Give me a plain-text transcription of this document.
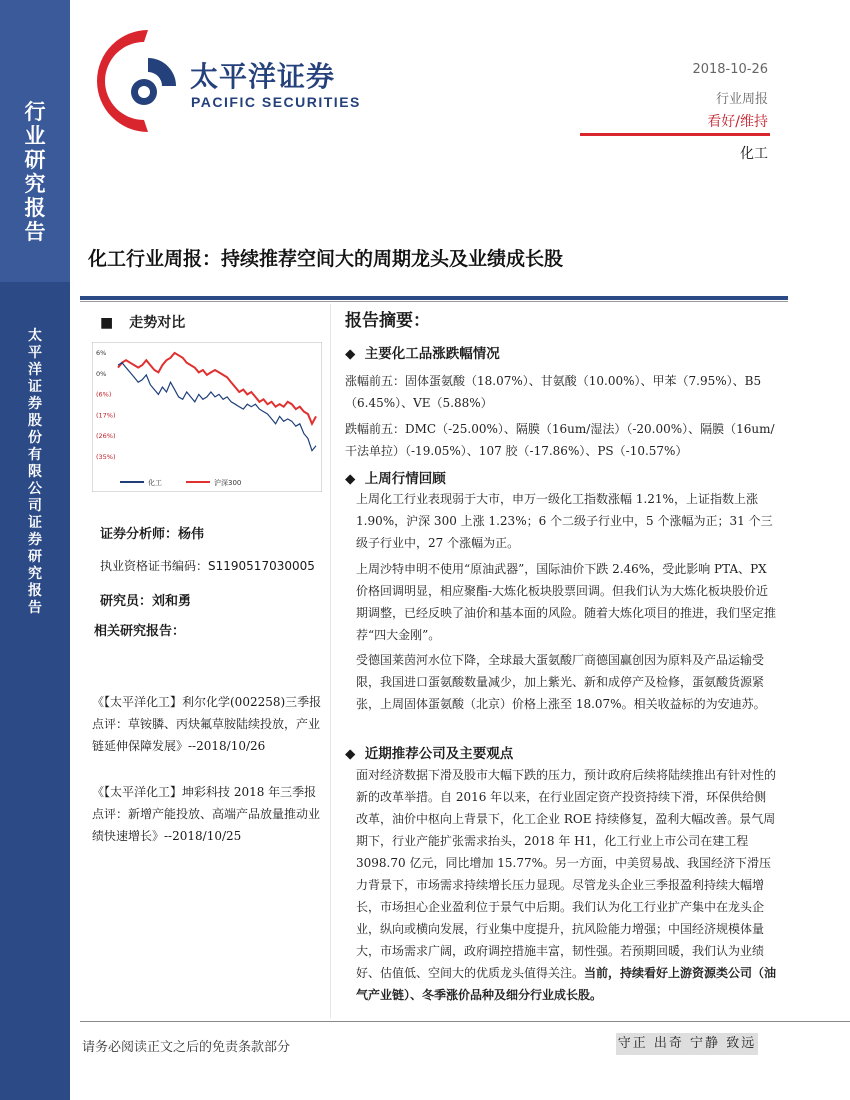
行
业
研
究
报
告
太
平
洋
证
券
股
份
有
限
公
司
证
券
研
究
报
告
太平洋证券
PACIFIC SECURITIES
2018-10-26
行业周报
看好/维持
化工
化工行业周报：持续推荐空间大的周期龙头及业绩成长股
■ 走势对比
6%
0%
(6%)
(17%)
(26%)
(35%)
化工	沪深300
证券分析师：杨伟
执业资格证书编码：S1190517030005
研究员：刘和勇
相关研究报告：
《【太平洋化工】利尔化学(002258)三季报点评：草铵膦、丙炔氟草胺陆续投放，产业链延伸保障发展》--2018/10/26
《【太平洋化工】坤彩科技 2018 年三季报点评：新增产能投放、高端产品放量推动业绩快速增长》--2018/10/25
报告摘要：
◆ 主要化工品涨跌幅情况
涨幅前五：固体蛋氨酸（18.07%）、甘氨酸（10.00%）、甲苯（7.95%）、B5（6.45%）、VE（5.88%）
跌幅前五：DMC（-25.00%）、隔膜（16um/湿法）（-20.00%）、隔膜（16um/干法单拉）（-19.05%）、107 胶（-17.86%）、PS（-10.57%）
◆ 上周行情回顾
上周化工行业表现弱于大市，申万一级化工指数涨幅 1.21%，上证指数上涨 1.90%，沪深 300 上涨 1.23%；6 个二级子行业中，5 个涨幅为正；31 个三级子行业中，27 个涨幅为正。
上周沙特申明不使用“原油武器”，国际油价下跌 2.46%，受此影响 PTA、PX 价格回调明显，相应聚酯-大炼化板块股票回调。但我们认为大炼化板块股价近期调整，已经反映了油价和基本面的风险。随着大炼化项目的推进，我们坚定推荐“四大金刚”。
受德国莱茵河水位下降，全球最大蛋氨酸厂商德国赢创因为原料及产品运输受限，我国进口蛋氨酸数量减少，加上紫光、新和成停产及检修，蛋氨酸货源紧张，上周固体蛋氨酸（北京）价格上涨至 18.07%。相关收益标的为安迪苏。
◆ 近期推荐公司及主要观点
面对经济数据下滑及股市大幅下跌的压力，预计政府后续将陆续推出有针对性的新的改革举措。自 2016 年以来，在行业固定资产投资持续下滑，环保供给侧改革，油价中枢向上背景下，化工企业 ROE 持续修复，盈利大幅改善。景气周期下，行业产能扩张需求抬头，2018 年 H1，化工行业上市公司在建工程 3098.70 亿元，同比增加 15.77%。另一方面，中美贸易战、我国经济下滑压力背景下，市场需求持续增长压力显现。尽管龙头企业三季报盈利持续大幅增长，市场担心企业盈利位于景气中后期。我们认为化工行业扩产集中在龙头企业，纵向或横向发展，行业集中度提升，抗风险能力增强；中国经济规模体量大，市场需求广阔，政府调控措施丰富，韧性强。若预期回暖，我们认为业绩好、估值低、空间大的优质龙头值得关注。当前，持续看好上游资源类公司（油气产业链）、冬季涨价品种及细分行业成长股。
请务必阅读正文之后的免责条款部分	守正 出奇 宁静 致远
